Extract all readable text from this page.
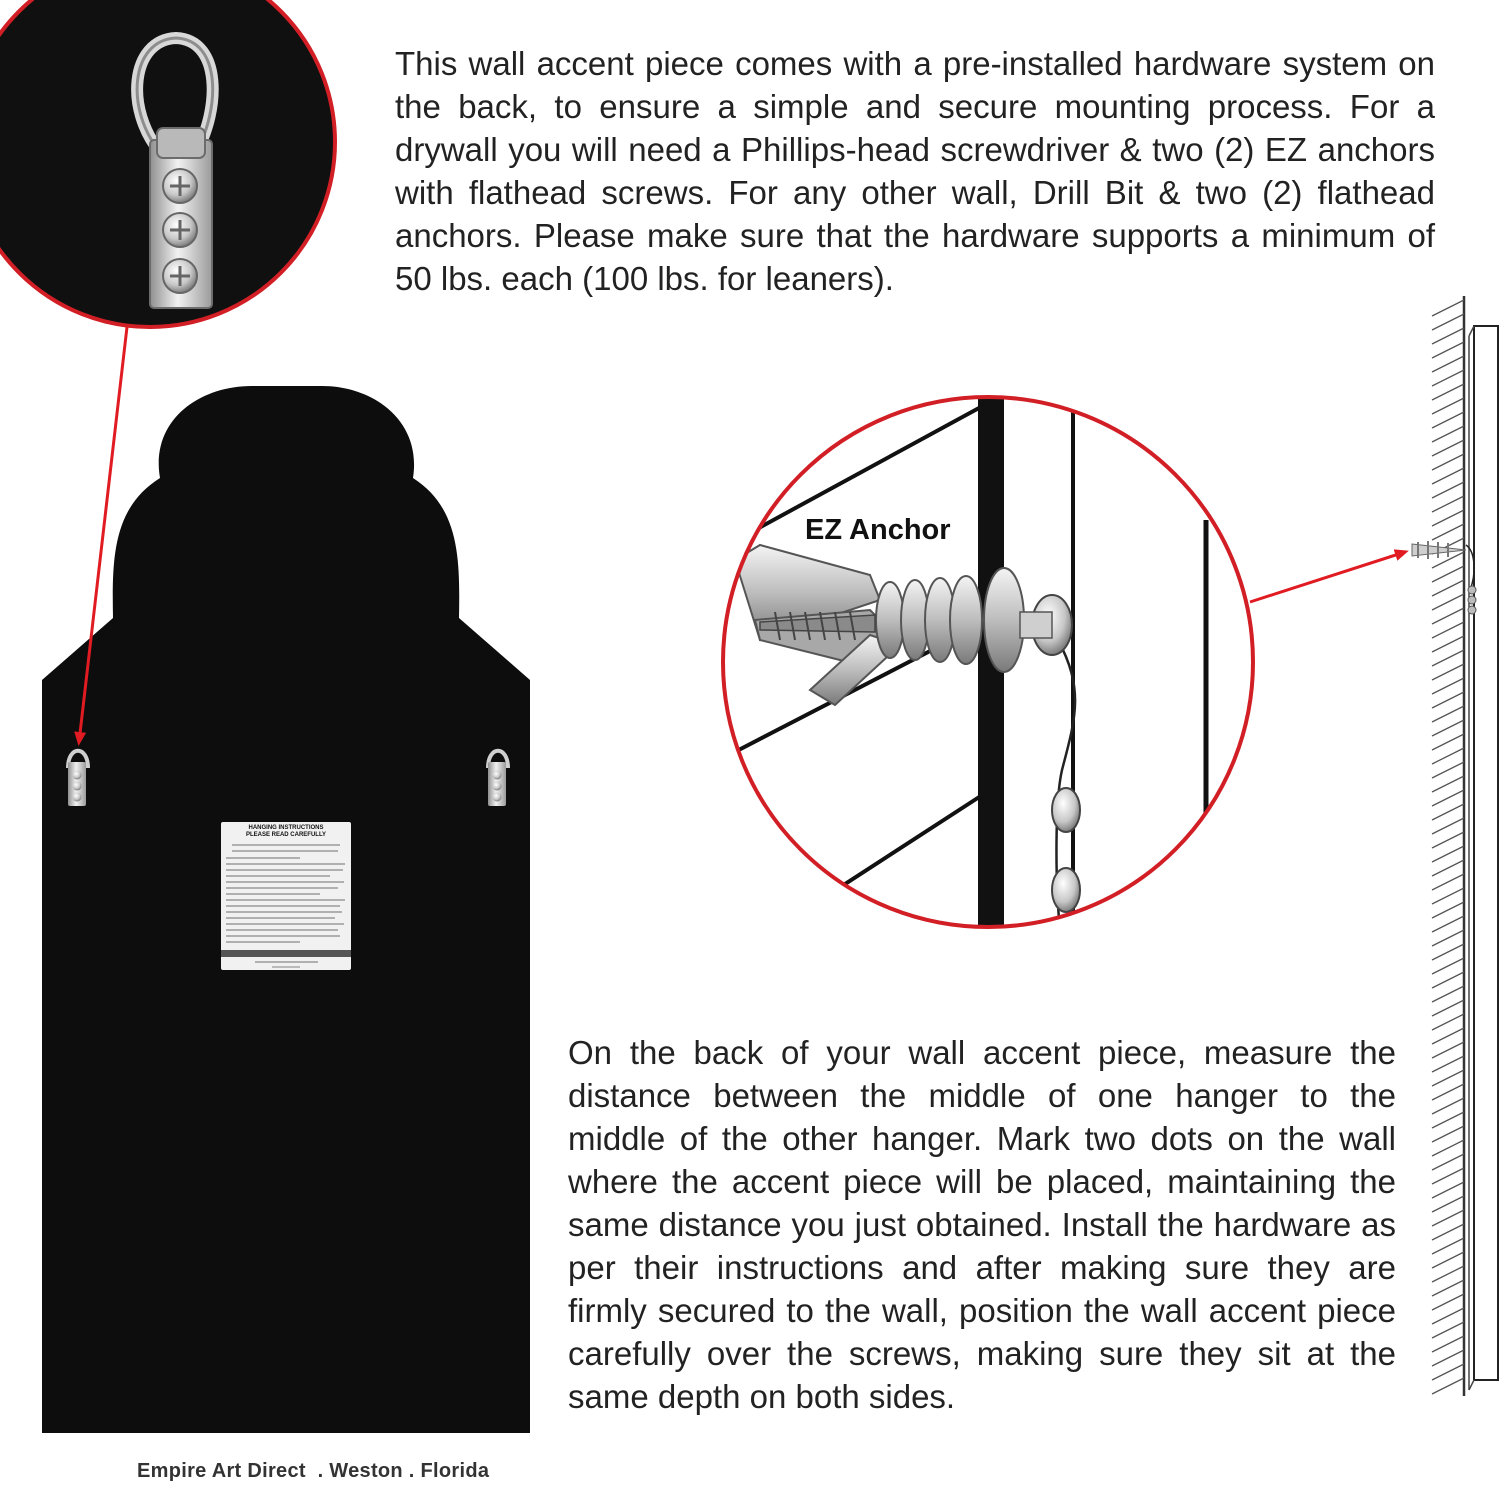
This wall accent piece comes with a pre-installed hardware system on the back, to ensure a simple and secure mounting process. For a drywall you will need a Phillips-head screwdriver & two (2) EZ anchors with flathead screws. For any other wall, Drill Bit & two (2) flathead anchors. Please make sure that the hardware supports a minimum of 50 lbs. each (100 lbs. for leaners).

On the back of your wall accent piece, measure the distance between the middle of one hanger to the middle of the other hanger. Mark two dots on the wall where the accent piece will be placed, maintaining the same distance you just obtained. Install the hardware as per their instructions and after making sure they are firmly secured to the wall, position the wall accent piece carefully over the screws, making sure they sit at the same depth on both sides.

EZ Anchor
HANGING INSTRUCTIONS
PLEASE READ CAREFULLY
Empire Art Direct  . Weston . Florida
